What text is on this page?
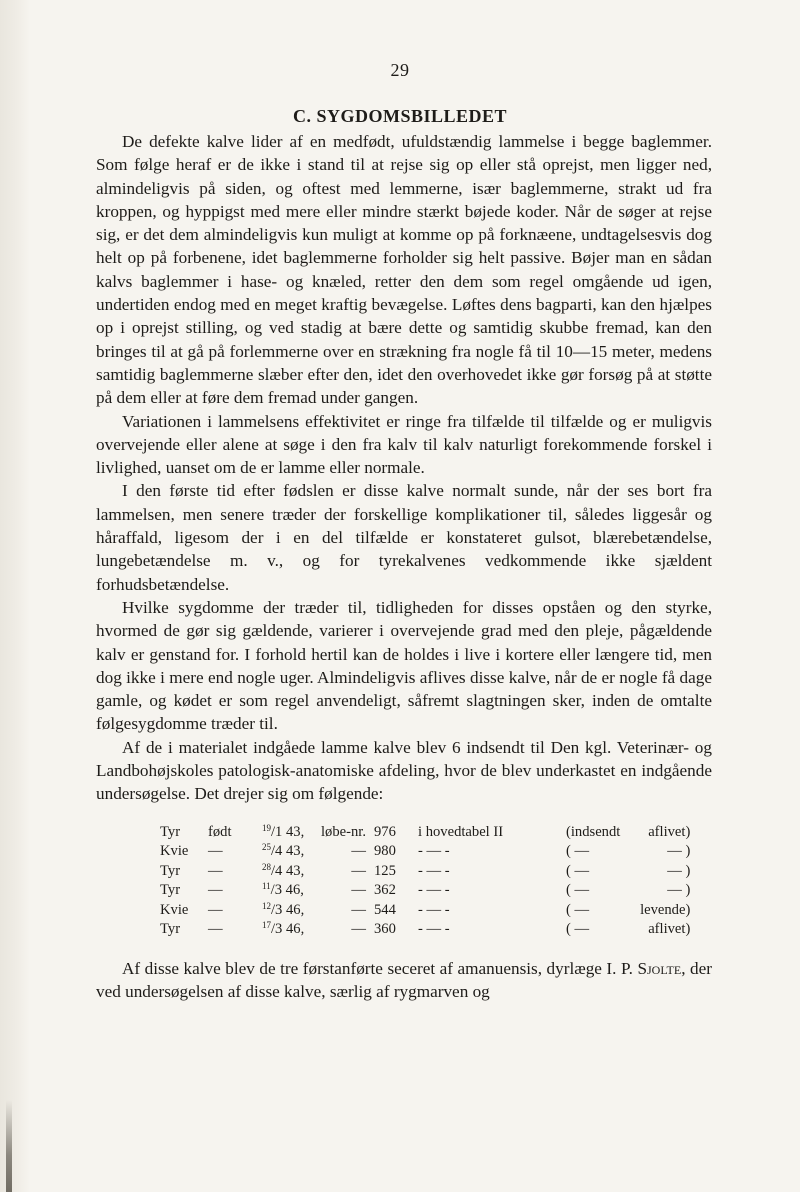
29
C. SYGDOMSBILLEDET

De defekte kalve lider af en medfødt, ufuldstændig lammelse i begge baglemmer. Som følge heraf er de ikke i stand til at rejse sig op eller stå oprejst, men ligger ned, almindeligvis på siden, og oftest med lemmerne, især baglemmerne, strakt ud fra kroppen, og hyppigst med mere eller mindre stærkt bøjede koder. Når de søger at rejse sig, er det dem almindeligvis kun muligt at komme op på forknæene, undtagelsesvis dog helt op på forbenene, idet baglemmerne forholder sig helt passive. Bøjer man en sådan kalvs baglemmer i hase- og knæled, retter den dem som regel omgående ud igen, undertiden endog med en meget kraftig bevægelse. Løftes dens bagparti, kan den hjælpes op i oprejst stilling, og ved stadig at bære dette og samtidig skubbe fremad, kan den bringes til at gå på forlemmerne over en strækning fra nogle få til 10—15 meter, medens samtidig baglemmerne slæber efter den, idet den overhovedet ikke gør forsøg på at støtte på dem eller at føre dem fremad under gangen.

Variationen i lammelsens effektivitet er ringe fra tilfælde til tilfælde og er muligvis overvejende eller alene at søge i den fra kalv til kalv naturligt forekommende forskel i livlighed, uanset om de er lamme eller normale.

I den første tid efter fødslen er disse kalve normalt sunde, når der ses bort fra lammelsen, men senere træder der forskellige komplikationer til, således liggesår og håraffald, ligesom der i en del tilfælde er konstateret gulsot, blærebetændelse, lungebetændelse m. v., og for tyrekalvenes vedkommende ikke sjældent forhudsbetændelse.

Hvilke sygdomme der træder til, tidligheden for disses opståen og den styrke, hvormed de gør sig gældende, varierer i overvejende grad med den pleje, pågældende kalv er genstand for. I forhold hertil kan de holdes i live i kortere eller længere tid, men dog ikke i mere end nogle uger. Almindeligvis aflives disse kalve, når de er nogle få dage gamle, og kødet er som regel anvendeligt, såfremt slagtningen sker, inden de omtalte følgesygdomme træder til.

Af de i materialet indgåede lamme kalve blev 6 indsendt til Den kgl. Veterinær- og Landbohøjskoles patologisk-anatomiske afdeling, hvor de blev underkastet en indgående undersøgelse. Det drejer sig om følgende:

Tyr	født	$^{19}$/1 43,	løbe-nr.	976	i hovedtabel II	(indsendt	aflivet)
Kvie	—	$^{25}$/4 43,	—	980	- — -	( —	— )
Tyr	—	$^{28}$/4 43,	—	125	- — -	( —	— )
Tyr	—	$^{11}$/3 46,	—	362	- — -	( —	— )
Kvie	—	$^{12}$/3 46,	—	544	- — -	( —	levende)
Tyr	—	$^{17}$/3 46,	—	360	- — -	( —	aflivet)

Af disse kalve blev de tre førstanførte seceret af amanuensis, dyrlæge I. P. Sjolte, der ved undersøgelsen af disse kalve, særlig af rygmarven og
